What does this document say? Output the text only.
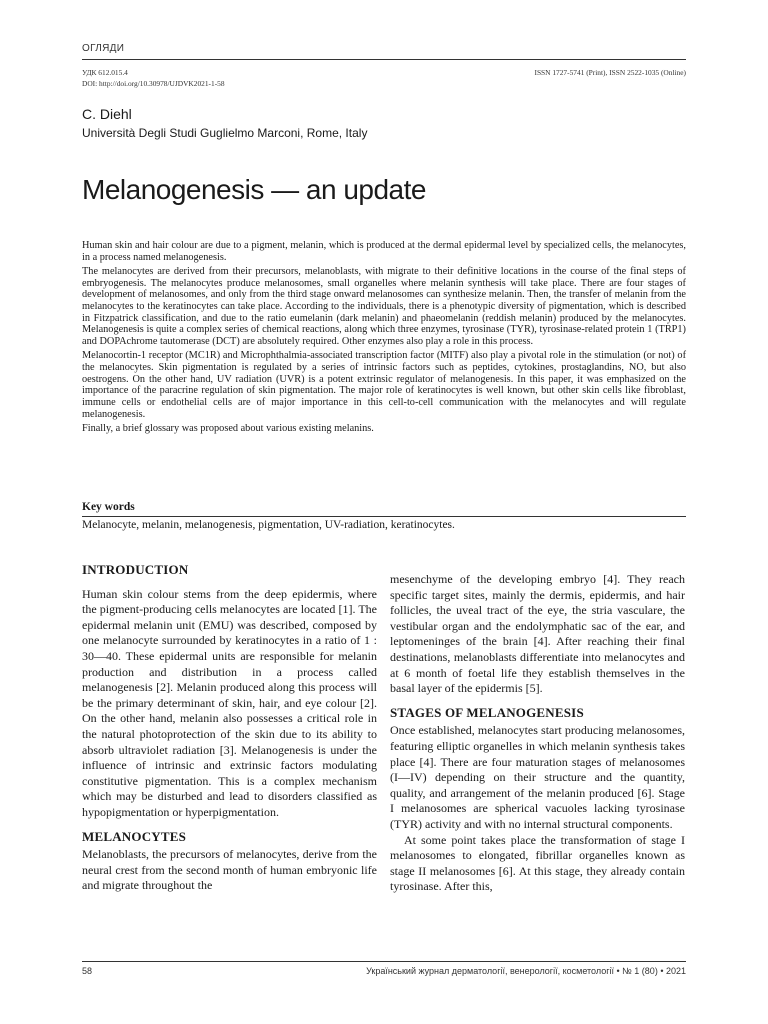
ОГЛЯДИ
УДК 612.015.4
DOI: http://doi.org/10.30978/UJDVK2021-1-58
ISSN 1727-5741 (Print), ISSN 2522-1035 (Online)
C. Diehl
Università Degli Studi Guglielmo Marconi, Rome, Italy
Melanogenesis — an update

Human skin and hair colour are due to a pigment, melanin, which is produced at the dermal epidermal level by specialized cells, the melanocytes, in a process named melanogenesis.

The melanocytes are derived from their precursors, melanoblasts, with migrate to their definitive locations in the course of the final steps of embryogenesis. The melanocytes produce melanosomes, small organelles where melanin synthesis will take place. There are four stages of development of melanosomes, and only from the third stage onward melanosomes can synthesize melanin. Then, the transfer of melanin from the melanocytes to the keratinocytes can take place. According to the individuals, there is a phenotypic diversity of pigmentation, which is described in Fitzpatrick classification, and due to the ratio eumelanin (dark melanin) and phaeomelanin (reddish melanin) produced by the melanocytes. Melanogenesis is quite a complex series of chemical reactions, along which three enzymes, tyrosinase (TYR), tyrosinase-related protein 1 (TRP1) and DOPAchrome tautomerase (DCT) are absolutely required. Other enzymes also play a role in this process.

Melanocortin-1 receptor (MC1R) and Microphthalmia-associated transcription factor (MITF) also play a pivotal role in the stimulation (or not) of the melanocytes. Skin pigmentation is regulated by a series of intrinsic factors such as peptides, cytokines, prostaglandins, NO, but also oestrogens. On the other hand, UV radiation (UVR) is a potent extrinsic regulator of melanogenesis. In this paper, it was emphasized on the importance of the paracrine regulation of skin pigmentation. The major role of keratinocytes is well known, but other skin cells like fibroblast, immune cells or endothelial cells are of major importance in this cell-to-cell communication with the melanocytes and will regulate melanogenesis.

Finally, a brief glossary was proposed about various existing melanins.

Key words
Melanocyte, melanin, melanogenesis, pigmentation, UV-radiation, keratinocytes.
INTRODUCTION

Human skin colour stems from the deep epidermis, where the pigment-producing cells melanocytes are located [1]. The epidermal melanin unit (EMU) was described, composed by one melanocyte surrounded by keratinocytes in a ratio of 1 : 30—40. These epidermal units are responsible for melanin production and distribution in a process called melanogenesis [2]. Melanin produced along this process will be the primary determinant of skin, hair, and eye colour [2]. On the other hand, melanin also possesses a critical role in the natural photoprotection of the skin due to its ability to absorb ultraviolet radiation [3]. Melanogenesis is under the influence of intrinsic and extrinsic factors modulating constitutive pigmentation. This is a complex mechanism which may be disturbed and lead to disorders classified as hypopigmentation or hyperpigmentation.

MELANOCYTES

Melanoblasts, the precursors of melanocytes, derive from the neural crest from the second month of human embryonic life and migrate throughout the

mesenchyme of the developing embryo [4]. They reach specific target sites, mainly the dermis, epidermis, and hair follicles, the uveal tract of the eye, the stria vasculare, the vestibular organ and the endolymphatic sac of the ear, and leptomeninges of the brain [4]. After reaching their final destinations, melanoblasts differentiate into melanocytes and at 6 month of foetal life they establish themselves in the basal layer of the epidermis [5].

STAGES OF MELANOGENESIS

Once established, melanocytes start producing melanosomes, featuring elliptic organelles in which melanin synthesis takes place [4]. There are four maturation stages of melanosomes (I—IV) depending on their structure and the quantity, quality, and arrangement of the melanin produced [6]. Stage I melanosomes are spherical vacuoles lacking tyrosinase (TYR) activity and with no internal structural components.

At some point takes place the transformation of stage I melanosomes to elongated, fibrillar organelles known as stage II melanosomes [6]. At this stage, they already contain tyrosinase. After this,

58	Український журнал дерматології, венерології, косметології • № 1 (80) • 2021
